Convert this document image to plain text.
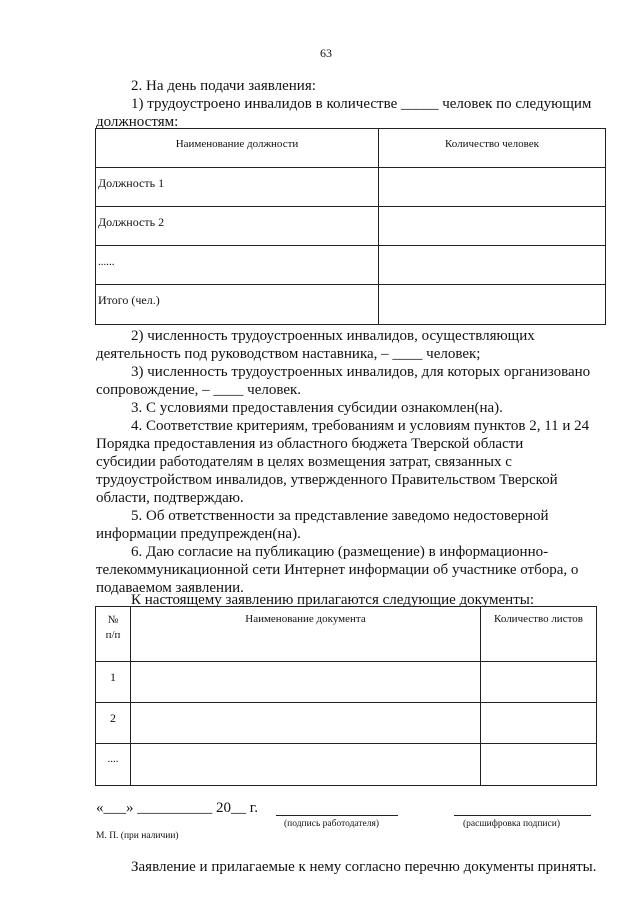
63
2. На день подачи заявления:
1) трудоустроено инвалидов в количестве _____ человек по следующим
должностям:
Наименование должности	Количество человек
Должность 1	
Должность 2	
......	
Итого (чел.)	
2) численность трудоустроенных инвалидов, осуществляющих
деятельность под руководством наставника, – ____ человек;
3) численность трудоустроенных инвалидов, для которых организовано
сопровождение, – ____ человек.
3. С условиями предоставления субсидии ознакомлен(на).
4. Соответствие критериям, требованиям и условиям пунктов 2, 11 и 24
Порядка предоставления из областного бюджета Тверской области
субсидии работодателям в целях возмещения затрат, связанных с
трудоустройством инвалидов, утвержденного Правительством Тверской
области, подтверждаю.
5. Об ответственности за представление заведомо недостоверной
информации предупрежден(на).
6. Даю согласие на публикацию (размещение) в информационно-
телекоммуникационной сети Интернет информации об участнике отбора, о
подаваемом заявлении.
К настоящему заявлению прилагаются следующие документы:
№
п/п	Наименование документа	Количество листов
1		
2		
....		
«___» __________ 20__ г.
(подпись работодателя)	(расшифровка подписи)
М. П. (при наличии)
Заявление и прилагаемые к нему согласно перечню документы приняты.
